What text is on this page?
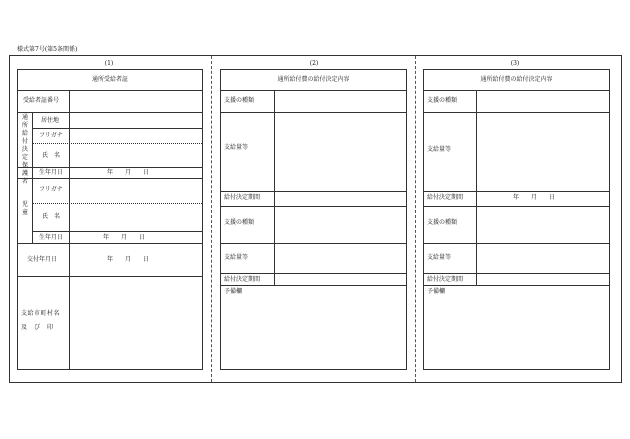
様式第7号(第5条関係)
(1)
通所受給者証
受給者証番号
通所給付決定保護者
居住地
フリガナ
氏　名
生年月日	年　　月　　日
児童
フリガナ
氏　名
生年月日	年　　月　　日
交付年月日	年　　月　　日
支給市町村名
及　び　印
(2)
通所給付費の給付決定内容
支援の種類
支給量等
給付決定期間
支援の種類
支給量等
給付決定期間
予備欄
(3)
通所給付費の給付決定内容
支援の種類
支給量等
給付決定期間	年　　月　　日
支援の種類
支給量等
給付決定期間
予備欄
